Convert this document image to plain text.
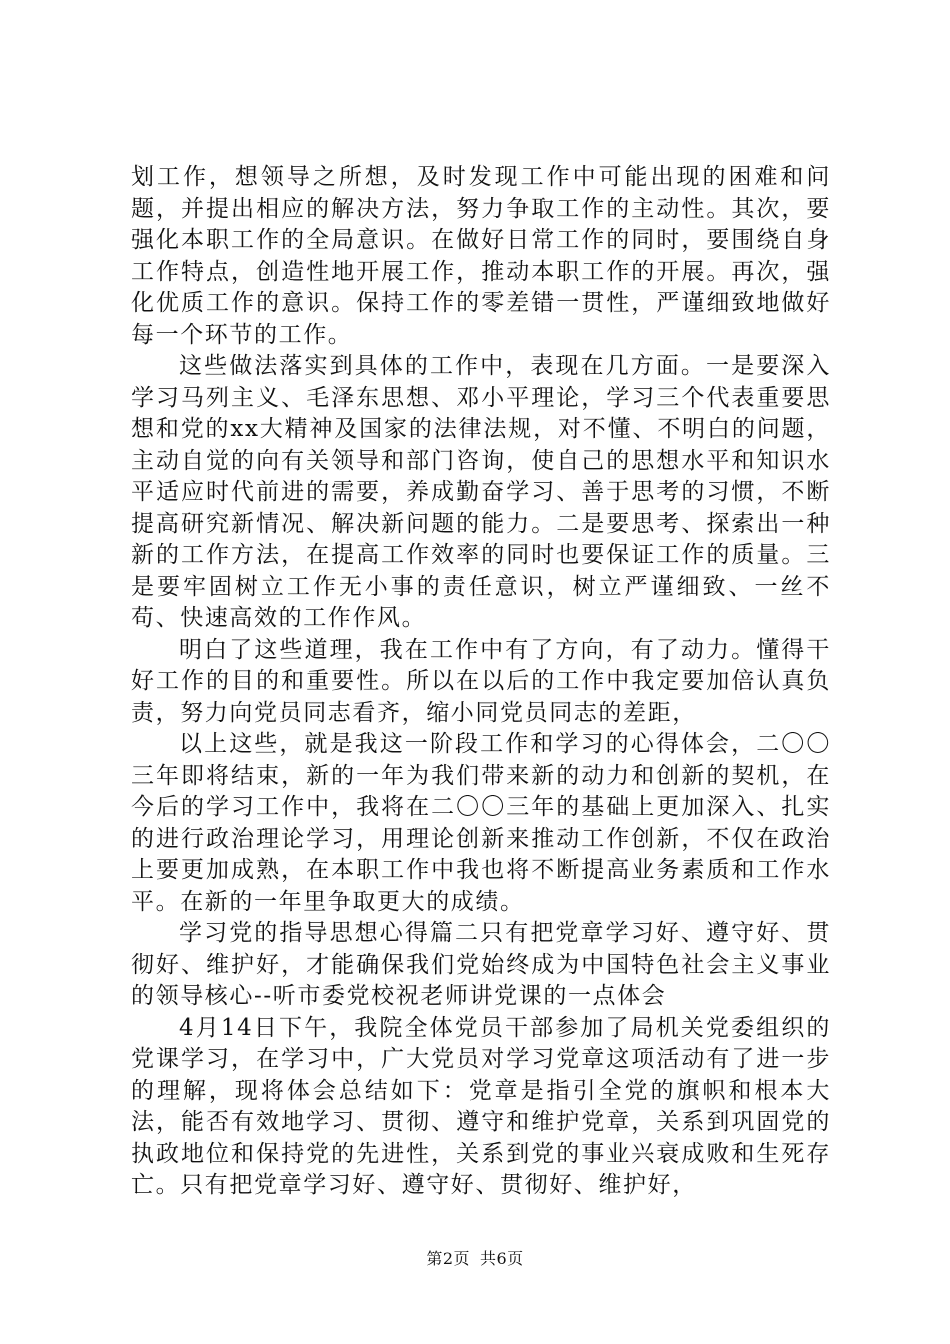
划工作，想领导之所想，及时发现工作中可能出现的困难和问题，并提出相应的解决方法，努力争取工作的主动性。其次，要强化本职工作的全局意识。在做好日常工作的同时，要围绕自身工作特点，创造性地开展工作，推动本职工作的开展。再次，强化优质工作的意识。保持工作的零差错一贯性，严谨细致地做好每一个环节的工作。

这些做法落实到具体的工作中，表现在几方面。一是要深入学习马列主义、毛泽东思想、邓小平理论，学习三个代表重要思想和党的xx大精神及国家的法律法规，对不懂、不明白的问题，主动自觉的向有关领导和部门咨询，使自己的思想水平和知识水平适应时代前进的需要，养成勤奋学习、善于思考的习惯，不断提高研究新情况、解决新问题的能力。二是要思考、探索出一种新的工作方法，在提高工作效率的同时也要保证工作的质量。三是要牢固树立工作无小事的责任意识，树立严谨细致、一丝不苟、快速高效的工作作风。

明白了这些道理，我在工作中有了方向，有了动力。懂得干好工作的目的和重要性。所以在以后的工作中我定要加倍认真负责，努力向党员同志看齐，缩小同党员同志的差距，

以上这些，就是我这一阶段工作和学习的心得体会，二〇〇三年即将结束，新的一年为我们带来新的动力和创新的契机，在今后的学习工作中，我将在二〇〇三年的基础上更加深入、扎实的进行政治理论学习，用理论创新来推动工作创新，不仅在政治上要更加成熟，在本职工作中我也将不断提高业务素质和工作水平。在新的一年里争取更大的成绩。

学习党的指导思想心得篇二只有把党章学习好、遵守好、贯彻好、维护好，才能确保我们党始终成为中国特色社会主义事业的领导核心--听市委党校祝老师讲党课的一点体会

4月14日下午，我院全体党员干部参加了局机关党委组织的党课学习，在学习中，广大党员对学习党章这项活动有了进一步的理解，现将体会总结如下：党章是指引全党的旗帜和根本大法，能否有效地学习、贯彻、遵守和维护党章，关系到巩固党的执政地位和保持党的先进性，关系到党的事业兴衰成败和生死存亡。只有把党章学习好、遵守好、贯彻好、维护好，

第2页 共6页
